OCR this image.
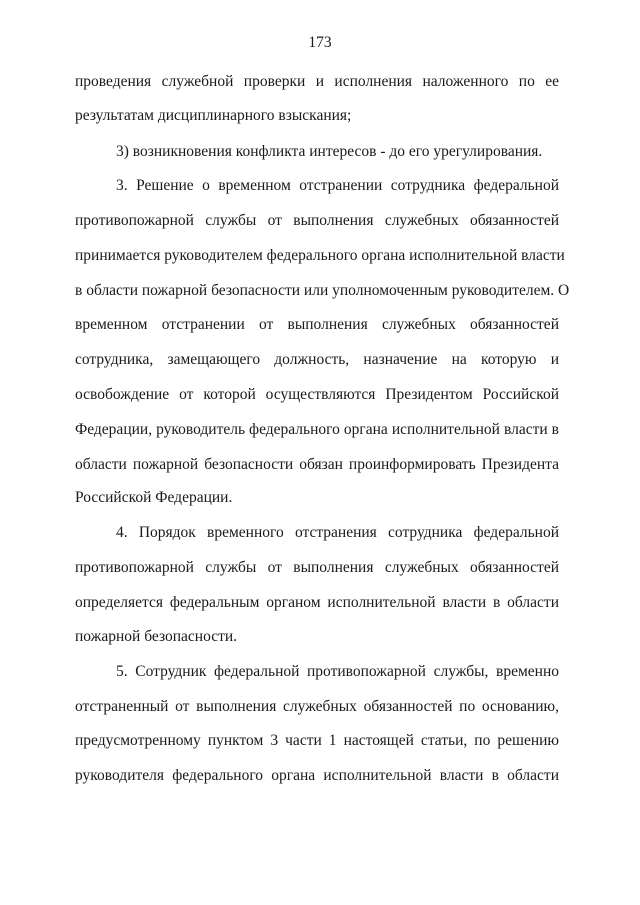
173
проведения служебной проверки и исполнения наложенного по ее
результатам дисциплинарного взыскания;
3) возникновения конфликта интересов - до его урегулирования.
3. Решение о временном отстранении сотрудника федеральной
противопожарной службы от выполнения служебных обязанностей
принимается руководителем федерального органа исполнительной власти
в области пожарной безопасности или уполномоченным руководителем. О
временном отстранении от выполнения служебных обязанностей
сотрудника, замещающего должность, назначение на которую и
освобождение от которой осуществляются Президентом Российской
Федерации, руководитель федерального органа исполнительной власти в
области пожарной безопасности обязан проинформировать Президента
Российской Федерации.
4. Порядок временного отстранения сотрудника федеральной
противопожарной службы от выполнения служебных обязанностей
определяется федеральным органом исполнительной власти в области
пожарной безопасности.
5. Сотрудник федеральной противопожарной службы, временно
отстраненный от выполнения служебных обязанностей по основанию,
предусмотренному пунктом 3 части 1 настоящей статьи, по решению
руководителя федерального органа исполнительной власти в области
